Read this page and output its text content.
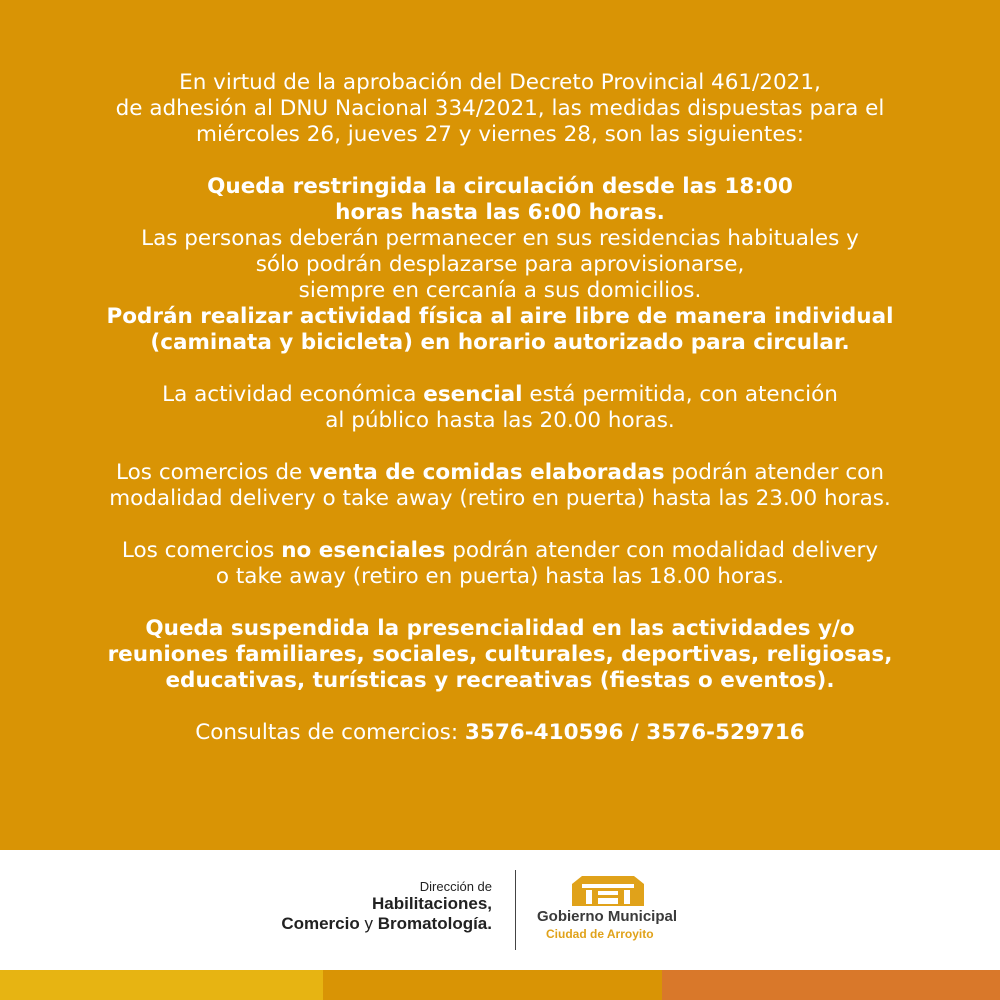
En virtud de la aprobación del Decreto Provincial 461/2021,
de adhesión al DNU Nacional 334/2021, las medidas dispuestas para el
miércoles 26, jueves 27 y viernes 28, son las siguientes:

Queda restringida la circulación desde las 18:00
horas hasta las 6:00 horas.
Las personas deberán permanecer en sus residencias habituales y
sólo podrán desplazarse para aprovisionarse,
siempre en cercanía a sus domicilios.
Podrán realizar actividad física al aire libre de manera individual
(caminata y bicicleta) en horario autorizado para circular.

La actividad económica esencial está permitida, con atención
al público hasta las 20.00 horas.

Los comercios de venta de comidas elaboradas podrán atender con
modalidad delivery o take away (retiro en puerta) hasta las 23.00 horas.

Los comercios no esenciales podrán atender con modalidad delivery
o take away (retiro en puerta) hasta las 18.00 horas.

Queda suspendida la presencialidad en las actividades y/o
reuniones familiares, sociales, culturales, deportivas, religiosas,
educativas, turísticas y recreativas (fiestas o eventos).

Consultas de comercios: 3576-410596 / 3576-529716

Dirección de
Habilitaciones,
Comercio y Bromatología.	Gobierno Municipal
Ciudad de Arroyito
